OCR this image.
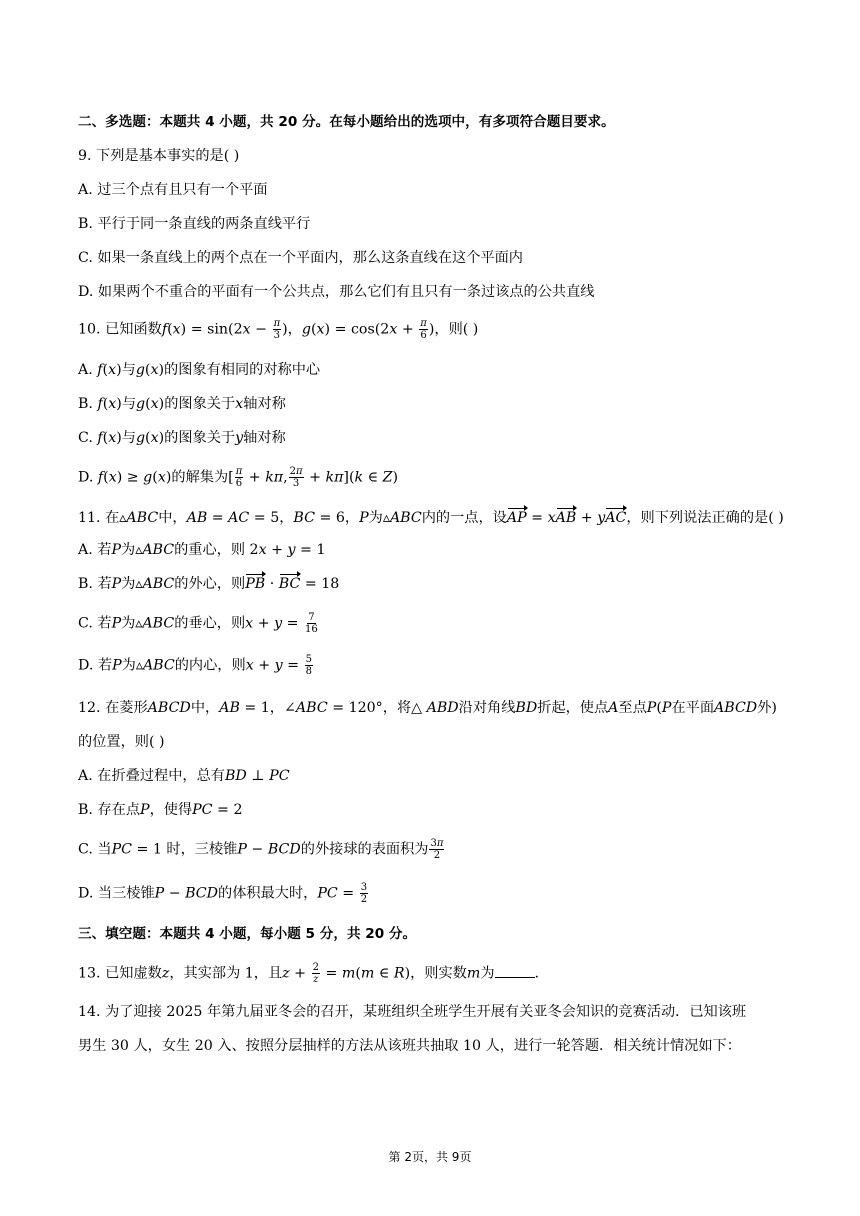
二、多选题：本题共 4 小题，共 20 分。在每小题给出的选项中，有多项符合题目要求。
9. 下列是基本事实的是( )
A. 过三个点有且只有一个平面
B. 平行于同一条直线的两条直线平行
C. 如果一条直线上的两个点在一个平面内，那么这条直线在这个平面内
D. 如果两个不重合的平面有一个公共点，那么它们有且只有一条过该点的公共直线
10. 已知函数$f(x) = \sin(2x - \frac{\pi}{3}$ )，$g(x) = \cos(2x + \frac{\pi}{6}$ )，则( )
A. f(x)与g(x)的图象有相同的对称中心
B. f(x)与g(x)的图象关于x轴对称
C. f(x)与g(x)的图象关于y轴对称
D. f(x) ≥ g(x)的解集为[ $\frac{\pi}{6} + k\pi$, $\frac{2\pi}{3} + k\pi](k$ ∈ Z)
11. 在▵ABC中，AB = AC = 5，BC = 6，P为▵ABC内的一点，设AP = xAB + yAC，则下列说法正确的是( )
A. 若P为▵ABC的重心，则 2x + y = 1
B. 若P为▵ABC的外心，则PB · BC = 18
C. 若P为▵ABC的垂心，则$x + y = \frac{7}{16}$
D. 若P为▵ABC的内心，则$x + y = \frac{5}{8}$
12. 在菱形ABCD中，AB = 1，∠ABC = 120°，将△ ABD沿对角线BD折起，使点A至点P(P在平面ABCD外)
的位置，则( )
A. 在折叠过程中，总有BD ⊥ PC
B. 存在点P，使得PC = 2
C. 当PC = 1 时，三棱锥P − BCD的外接球的表面积为 $\frac{3\pi}{2}$
D. 当三棱锥P − BCD的体积最大时，PC = $\frac{3}{2}$
三、填空题：本题共 4 小题，每小题 5 分，共 20 分。
13. 已知虚数z，其实部为 1，且$z + \frac{2}{z} = m(m$ ∈ R)，则实数m为	.
14. 为了迎接 2025 年第九届亚冬会的召开，某班组织全班学生开展有关亚冬会知识的竞赛活动．已知该班
男生 30 人，女生 20 入、按照分层抽样的方法从该班共抽取 10 人，进行一轮答题．相关统计情况如下：
第 2页，共 9页
